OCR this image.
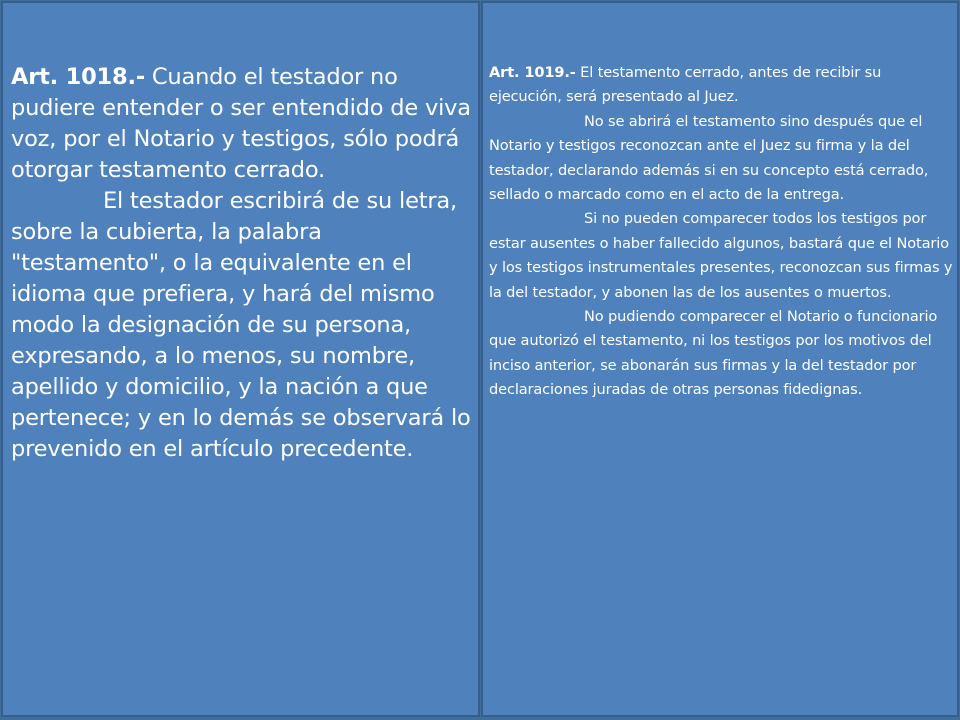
Art. 1018.- Cuando el testador no pudiere entender o ser entendido de viva voz, por el Notario y testigos, sólo podrá otorgar testamento cerrado.

El testador escribirá de su letra, sobre la cubierta, la palabra "testamento", o la equivalente en el idioma que prefiera, y hará del mismo modo la designación de su persona, expresando, a lo menos, su nombre, apellido y domicilio, y la nación a que pertenece; y en lo demás se observará lo prevenido en el artículo precedente.

Art. 1019.- El testamento cerrado, antes de recibir su ejecución, será presentado al Juez.

No se abrirá el testamento sino después que el Notario y testigos reconozcan ante el Juez su firma y la del testador, declarando además si en su concepto está cerrado, sellado o marcado como en el acto de la entrega.

Si no pueden comparecer todos los testigos por estar ausentes o haber fallecido algunos, bastará que el Notario y los testigos instrumentales presentes, reconozcan sus firmas y la del testador, y abonen las de los ausentes o muertos.

No pudiendo comparecer el Notario o funcionario que autorizó el testamento, ni los testigos por los motivos del inciso anterior, se abonarán sus firmas y la del testador por declaraciones juradas de otras personas fidedignas.
